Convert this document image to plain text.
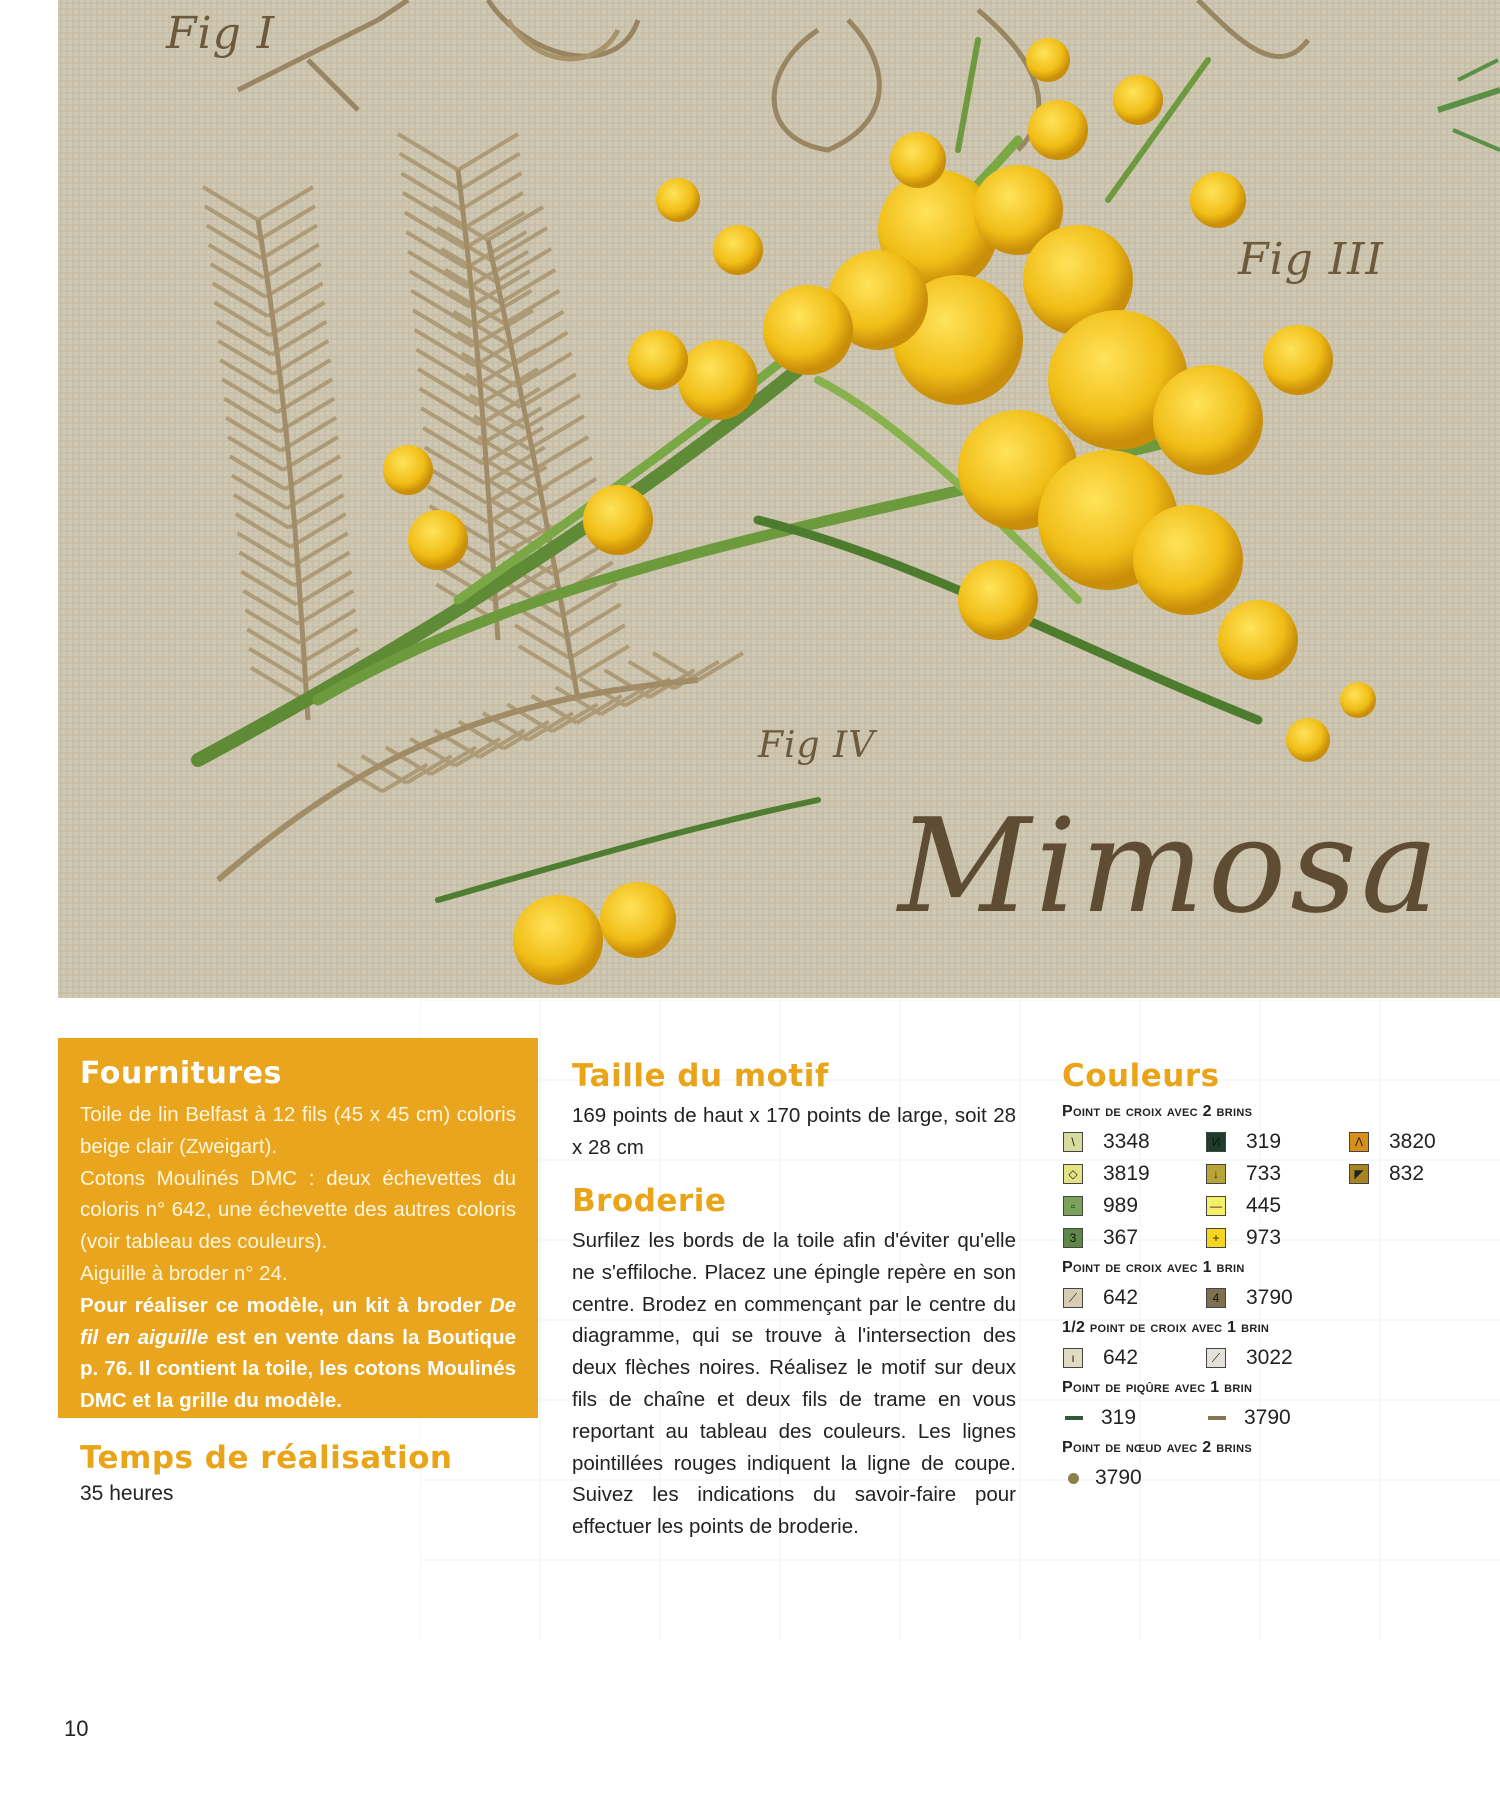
Fig I
Fig III
Fig IV
Mimosa
Fournitures

Toile de lin Belfast à 12 fils (45 x 45 cm) coloris beige clair (Zweigart).

Cotons Moulinés DMC : deux échevettes du coloris n° 642, une échevette des autres coloris (voir tableau des couleurs).

Aiguille à broder n° 24.

Pour réaliser ce modèle, un kit à broder De fil en aiguille est en vente dans la Boutique p. 76. Il contient la toile, les cotons Moulinés DMC et la grille du modèle.

Temps de réalisation
35 heures
Taille du motif

169 points de haut x 170 points de large, soit 28 x 28 cm

Broderie

Surfilez les bords de la toile afin d'éviter qu'elle ne s'effiloche. Placez une épingle repère en son centre. Brodez en commençant par le centre du diagramme, qui se trouve à l'intersection des deux flèches noires. Réalisez le motif sur deux fils de chaîne et deux fils de trame en vous reportant au tableau des couleurs. Les lignes pointillées rouges indiquent la ligne de coupe. Suivez les indications du savoir-faire pour effectuer les points de broderie.

Couleurs

Point de croix avec 2 brins

\	3348	И 319	Λ 3820
◇ 3819	↓	733	◤ 832
▫	989	— 445
3	367	+	973

Point de croix avec 1 brin

⟋ 642	4	3790

1/2 point de croix avec 1 brin

ı	642	⟋ 3022

Point de piqûre avec 1 brin

319	3790

Point de nœud avec 2 brins

3790
10
